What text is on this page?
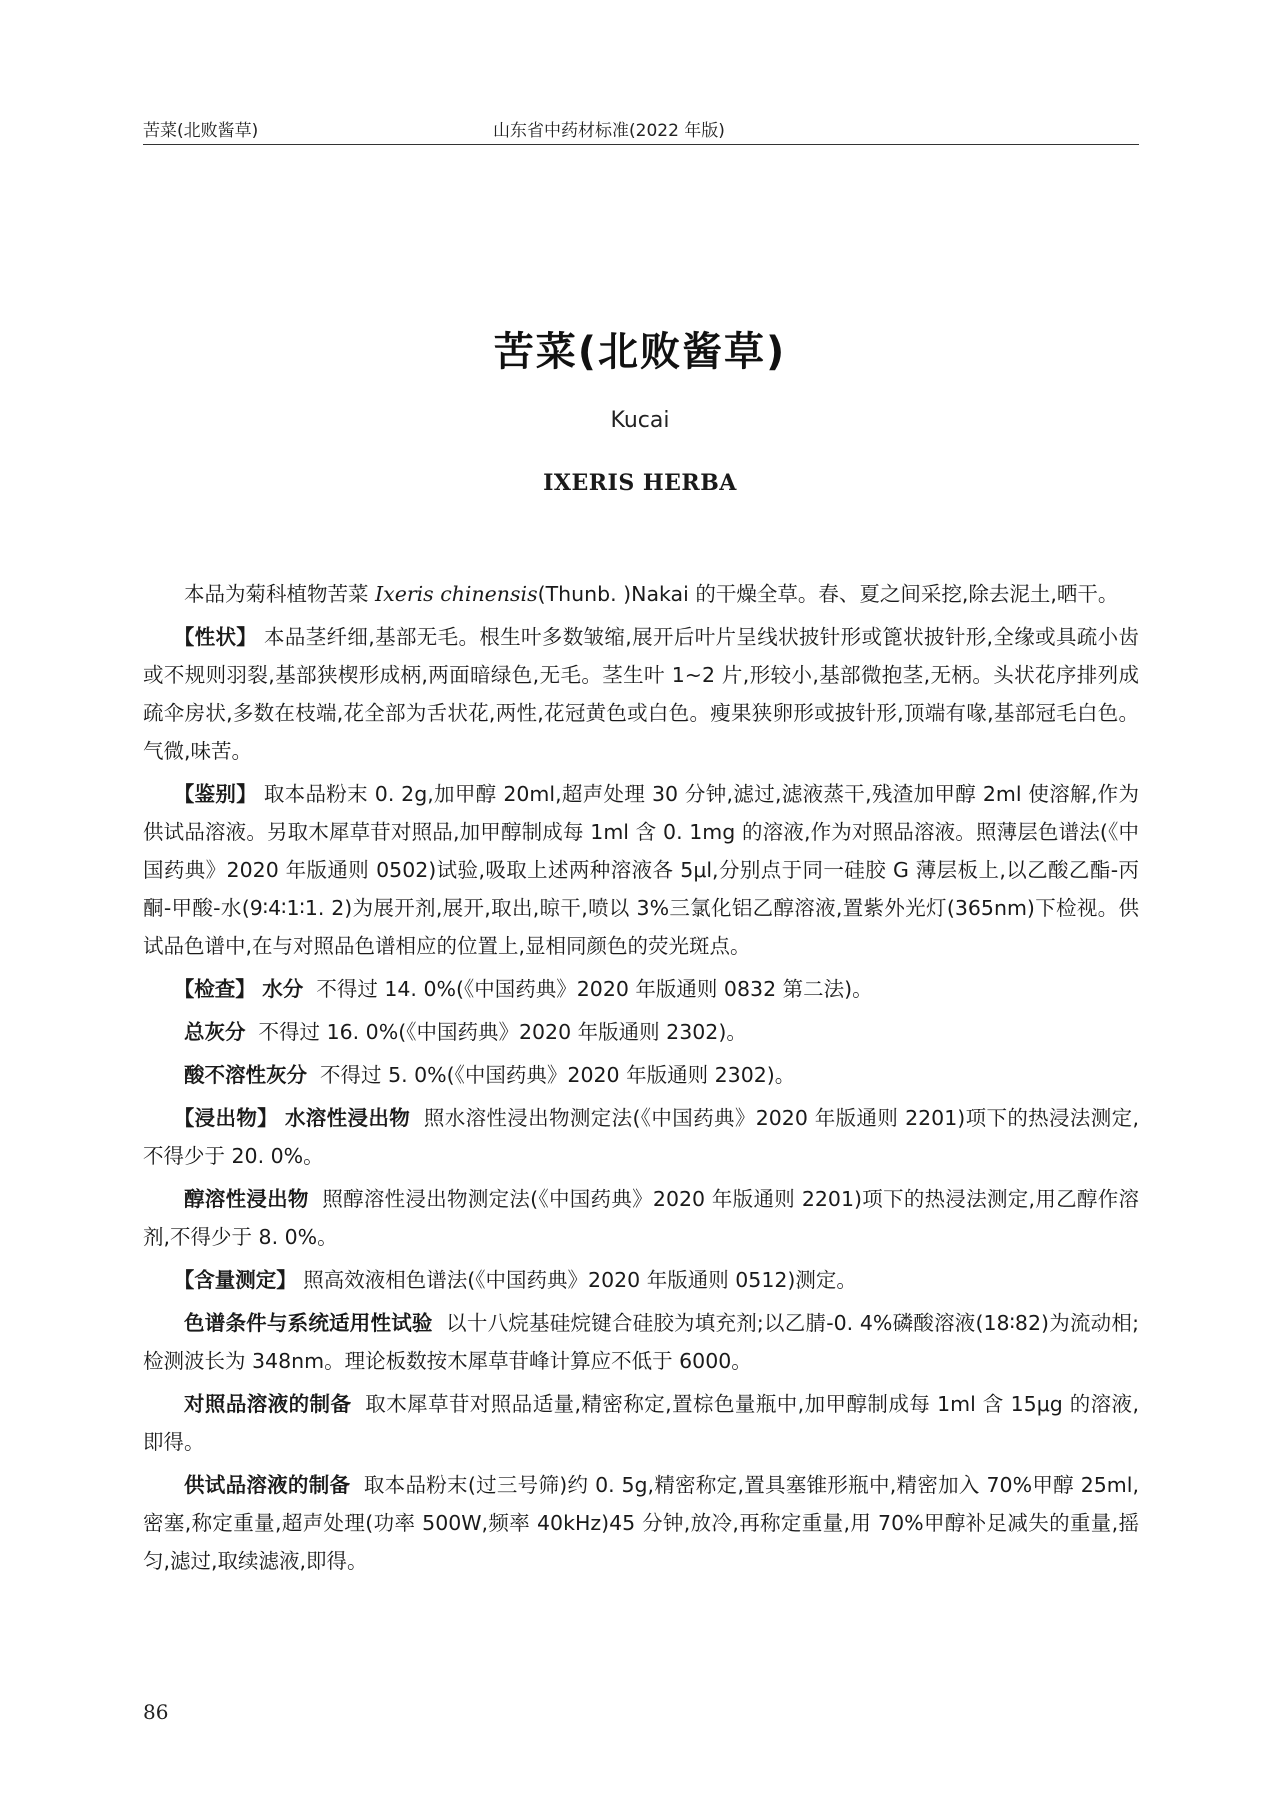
苦菜(北败酱草)	山东省中药材标准(2022 年版)
苦菜(北败酱草)
Kucai
IXERIS HERBA

本品为菊科植物苦菜 Ixeris chinensis(Thunb. )Nakai 的干燥全草。春、夏之间采挖,除去泥土,晒干。

【性状】 本品茎纤细,基部无毛。根生叶多数皱缩,展开后叶片呈线状披针形或篦状披针形,全缘或具疏小齿或不规则羽裂,基部狭楔形成柄,两面暗绿色,无毛。茎生叶 1~2 片,形较小,基部微抱茎,无柄。头状花序排列成疏伞房状,多数在枝端,花全部为舌状花,两性,花冠黄色或白色。瘦果狭卵形或披针形,顶端有喙,基部冠毛白色。气微,味苦。

【鉴别】 取本品粉末 0. 2g,加甲醇 20ml,超声处理 30 分钟,滤过,滤液蒸干,残渣加甲醇 2ml 使溶解,作为供试品溶液。另取木犀草苷对照品,加甲醇制成每 1ml 含 0. 1mg 的溶液,作为对照品溶液。照薄层色谱法(《中国药典》2020 年版通则 0502)试验,吸取上述两种溶液各 5μl,分别点于同一硅胶 G 薄层板上,以乙酸乙酯-丙酮-甲酸-水(9∶4∶1∶1. 2)为展开剂,展开,取出,晾干,喷以 3%三氯化铝乙醇溶液,置紫外光灯(365nm)下检视。供试品色谱中,在与对照品色谱相应的位置上,显相同颜色的荧光斑点。

【检查】 水分 不得过 14. 0%(《中国药典》2020 年版通则 0832 第二法)。

总灰分 不得过 16. 0%(《中国药典》2020 年版通则 2302)。

酸不溶性灰分 不得过 5. 0%(《中国药典》2020 年版通则 2302)。

【浸出物】 水溶性浸出物 照水溶性浸出物测定法(《中国药典》2020 年版通则 2201)项下的热浸法测定,不得少于 20. 0%。

醇溶性浸出物 照醇溶性浸出物测定法(《中国药典》2020 年版通则 2201)项下的热浸法测定,用乙醇作溶剂,不得少于 8. 0%。

【含量测定】 照高效液相色谱法(《中国药典》2020 年版通则 0512)测定。

色谱条件与系统适用性试验 以十八烷基硅烷键合硅胶为填充剂;以乙腈-0. 4%磷酸溶液(18∶82)为流动相;检测波长为 348nm。理论板数按木犀草苷峰计算应不低于 6000。

对照品溶液的制备 取木犀草苷对照品适量,精密称定,置棕色量瓶中,加甲醇制成每 1ml 含 15μg 的溶液,即得。

供试品溶液的制备 取本品粉末(过三号筛)约 0. 5g,精密称定,置具塞锥形瓶中,精密加入 70%甲醇 25ml,密塞,称定重量,超声处理(功率 500W,频率 40kHz)45 分钟,放冷,再称定重量,用 70%甲醇补足减失的重量,摇匀,滤过,取续滤液,即得。

86
